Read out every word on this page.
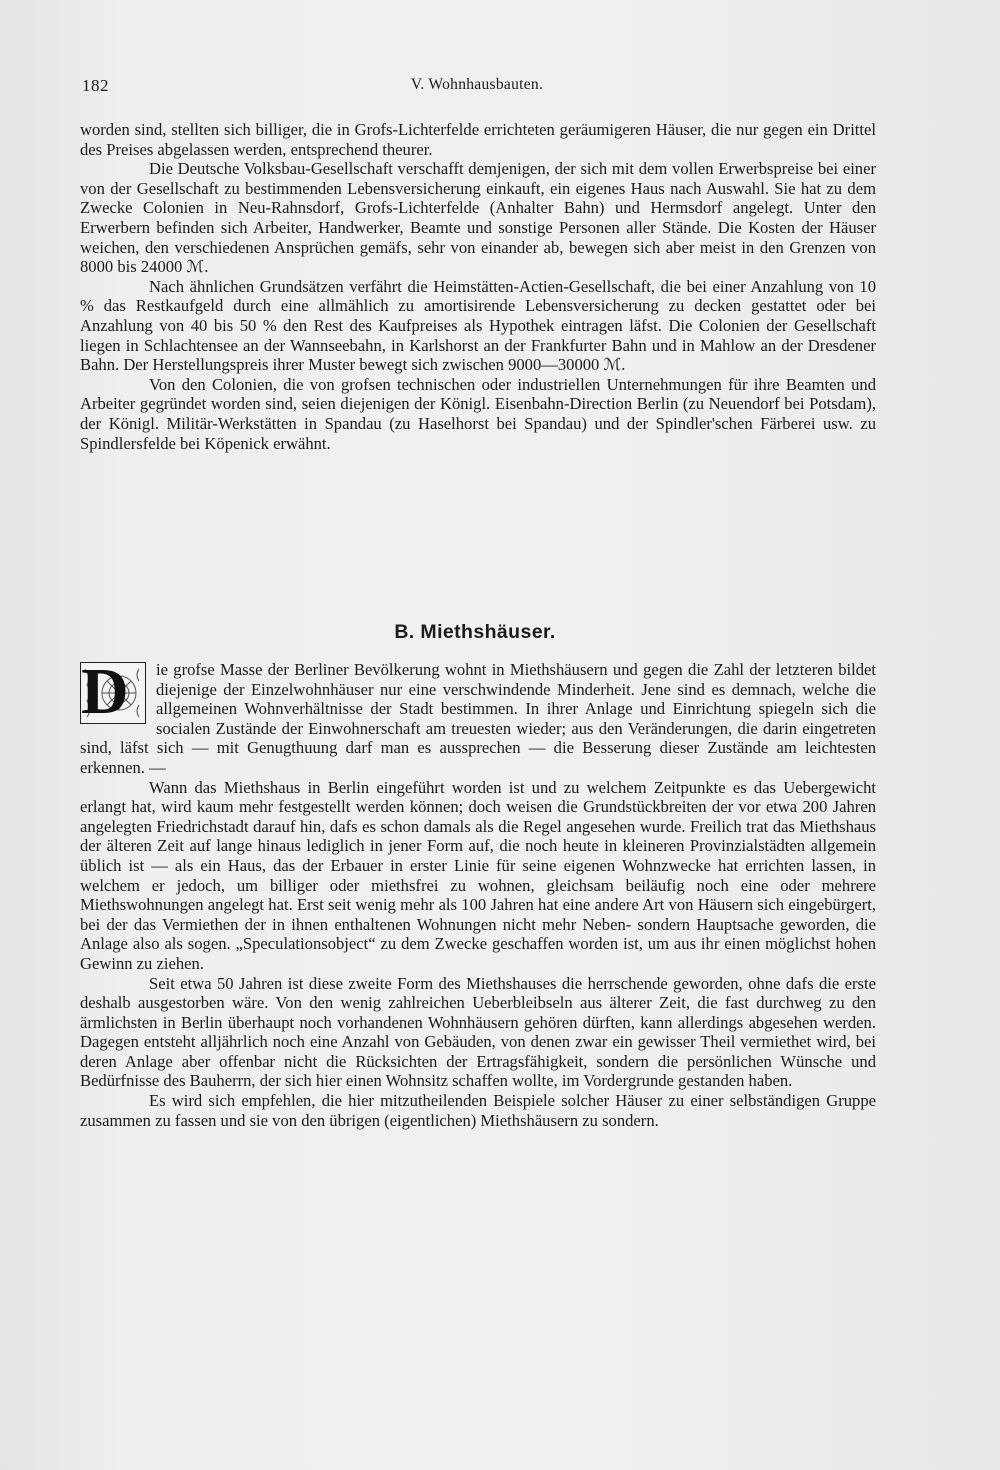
182	V. Wohnhausbauten.

worden sind, stellten sich billiger, die in Grofs-Lichterfelde errichteten geräumigeren Häuser, die nur gegen ein Drittel des Preises abgelassen werden, entsprechend theurer.

Die Deutsche Volksbau-Gesellschaft verschafft demjenigen, der sich mit dem vollen Erwerbspreise bei einer von der Gesellschaft zu bestimmenden Lebensversicherung einkauft, ein eigenes Haus nach Auswahl. Sie hat zu dem Zwecke Colonien in Neu-Rahnsdorf, Grofs-Lichterfelde (Anhalter Bahn) und Hermsdorf angelegt. Unter den Erwerbern befinden sich Arbeiter, Handwerker, Beamte und sonstige Personen aller Stände. Die Kosten der Häuser weichen, den verschiedenen Ansprüchen gemäfs, sehr von einander ab, bewegen sich aber meist in den Grenzen von 8000 bis 24000 ℳ.

Nach ähnlichen Grundsätzen verfährt die Heimstätten-Actien-Gesellschaft, die bei einer Anzahlung von 10 % das Restkaufgeld durch eine allmählich zu amortisirende Lebensversicherung zu decken gestattet oder bei Anzahlung von 40 bis 50 % den Rest des Kaufpreises als Hypothek eintragen läfst. Die Colonien der Gesellschaft liegen in Schlachtensee an der Wannseebahn, in Karlshorst an der Frankfurter Bahn und in Mahlow an der Dresdener Bahn. Der Herstellungspreis ihrer Muster bewegt sich zwischen 9000—30000 ℳ.

Von den Colonien, die von grofsen technischen oder industriellen Unternehmungen für ihre Beamten und Arbeiter gegründet worden sind, seien diejenigen der Königl. Eisenbahn-Direction Berlin (zu Neuendorf bei Potsdam), der Königl. Militär-Werkstätten in Spandau (zu Haselhorst bei Spandau) und der Spindler'schen Färberei usw. zu Spindlersfelde bei Köpenick erwähnt.

B. Miethshäuser.

D	ie grofse Masse der Berliner Bevölkerung wohnt in Miethshäusern und gegen die Zahl der letzteren bildet diejenige der Einzelwohnhäuser nur eine verschwindende Minderheit. Jene sind es demnach, welche die allgemeinen Wohnverhältnisse der Stadt bestimmen. In ihrer Anlage und Einrichtung spiegeln sich die socialen Zustände der Einwohnerschaft am treuesten wieder; aus den Veränderungen, die darin eingetreten sind, läfst sich — mit Genugthuung darf man es aussprechen — die Besserung dieser Zustände am leichtesten erkennen. —

Wann das Miethshaus in Berlin eingeführt worden ist und zu welchem Zeitpunkte es das Uebergewicht erlangt hat, wird kaum mehr festgestellt werden können; doch weisen die Grundstückbreiten der vor etwa 200 Jahren angelegten Friedrichstadt darauf hin, dafs es schon damals als die Regel angesehen wurde. Freilich trat das Miethshaus der älteren Zeit auf lange hinaus lediglich in jener Form auf, die noch heute in kleineren Provinzialstädten allgemein üblich ist — als ein Haus, das der Erbauer in erster Linie für seine eigenen Wohnzwecke hat errichten lassen, in welchem er jedoch, um billiger oder miethsfrei zu wohnen, gleichsam beiläufig noch eine oder mehrere Miethswohnungen angelegt hat. Erst seit wenig mehr als 100 Jahren hat eine andere Art von Häusern sich eingebürgert, bei der das Vermiethen der in ihnen enthaltenen Wohnungen nicht mehr Neben- sondern Hauptsache geworden, die Anlage also als sogen. „Speculationsobject“ zu dem Zwecke geschaffen worden ist, um aus ihr einen möglichst hohen Gewinn zu ziehen.

Seit etwa 50 Jahren ist diese zweite Form des Miethshauses die herrschende geworden, ohne dafs die erste deshalb ausgestorben wäre. Von den wenig zahlreichen Ueberbleibseln aus älterer Zeit, die fast durchweg zu den ärmlichsten in Berlin überhaupt noch vorhandenen Wohnhäusern gehören dürften, kann allerdings abgesehen werden. Dagegen entsteht alljährlich noch eine Anzahl von Gebäuden, von denen zwar ein gewisser Theil vermiethet wird, bei deren Anlage aber offenbar nicht die Rücksichten der Ertragsfähigkeit, sondern die persönlichen Wünsche und Bedürfnisse des Bauherrn, der sich hier einen Wohnsitz schaffen wollte, im Vordergrunde gestanden haben.

Es wird sich empfehlen, die hier mitzutheilenden Beispiele solcher Häuser zu einer selbständigen Gruppe zusammen zu fassen und sie von den übrigen (eigentlichen) Miethshäusern zu sondern.
